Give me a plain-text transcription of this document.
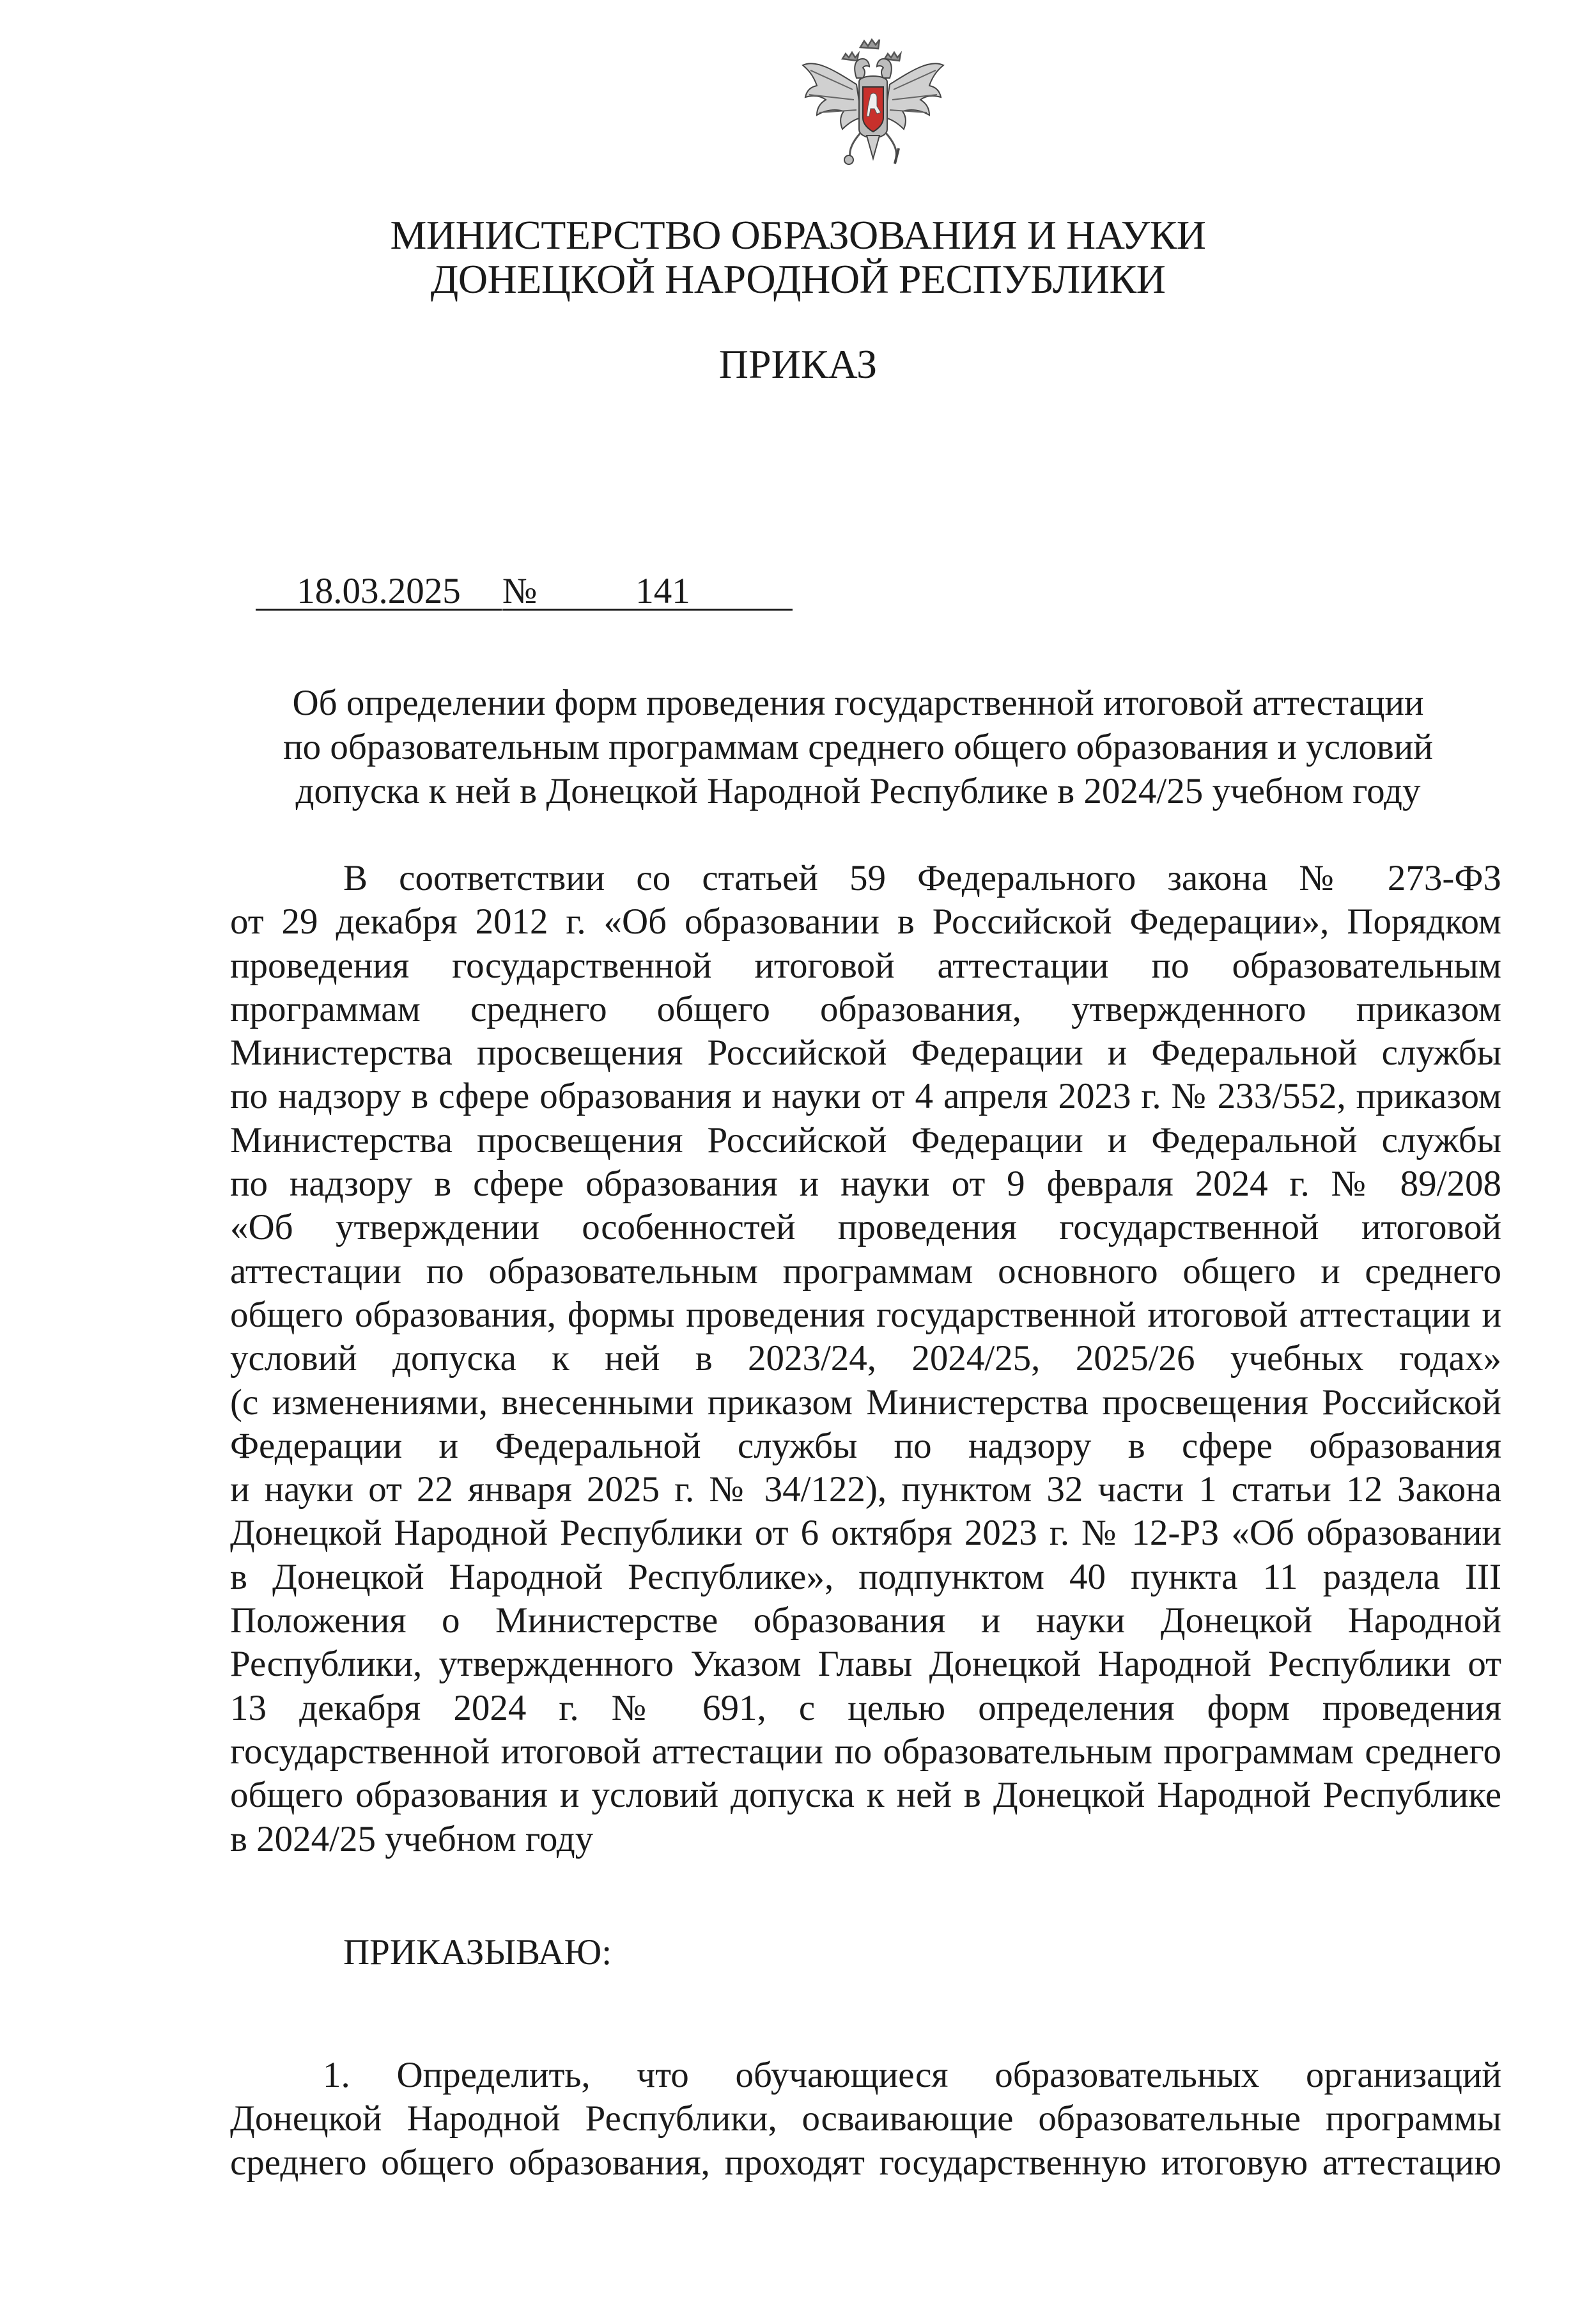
МИНИСТЕРСТВО ОБРАЗОВАНИЯ И НАУКИ
ДОНЕЦКОЙ НАРОДНОЙ РЕСПУБЛИКИ
ПРИКАЗ
18.03.2025	№	141
Об определении форм проведения государственной итоговой аттестации
по образовательным программам среднего общего образования и условий
допуска к ней в Донецкой Народной Республике в 2024/25 учебном году
В соответствии со статьей 59 Федерального закона № 273-ФЗ
от 29 декабря 2012 г. «Об образовании в Российской Федерации», Порядком
проведения государственной итоговой аттестации по образовательным
программам среднего общего образования, утвержденного приказом
Министерства просвещения Российской Федерации и Федеральной службы
по надзору в сфере образования и науки от 4 апреля 2023 г. № 233/552, приказом
Министерства просвещения Российской Федерации и Федеральной службы
по надзору в сфере образования и науки от 9 февраля 2024 г. № 89/208
«Об утверждении особенностей проведения государственной итоговой
аттестации по образовательным программам основного общего и среднего
общего образования, формы проведения государственной итоговой аттестации и
условий допуска к ней в 2023/24, 2024/25, 2025/26 учебных годах»
(с изменениями, внесенными приказом Министерства просвещения Российской
Федерации и Федеральной службы по надзору в сфере образования
и науки от 22 января 2025 г. № 34/122), пунктом 32 части 1 статьи 12 Закона
Донецкой Народной Республики от 6 октября 2023 г. № 12-РЗ «Об образовании
в Донецкой Народной Республике», подпунктом 40 пункта 11 раздела III
Положения о Министерстве образования и науки Донецкой Народной
Республики, утвержденного Указом Главы Донецкой Народной Республики от
13 декабря 2024 г. № 691, с целью определения форм проведения
государственной итоговой аттестации по образовательным программам среднего
общего образования и условий допуска к ней в Донецкой Народной Республике
в 2024/25 учебном году
ПРИКАЗЫВАЮ:
1. Определить, что обучающиеся образовательных организаций
Донецкой Народной Республики, осваивающие образовательные программы
среднего общего образования, проходят государственную итоговую аттестацию
